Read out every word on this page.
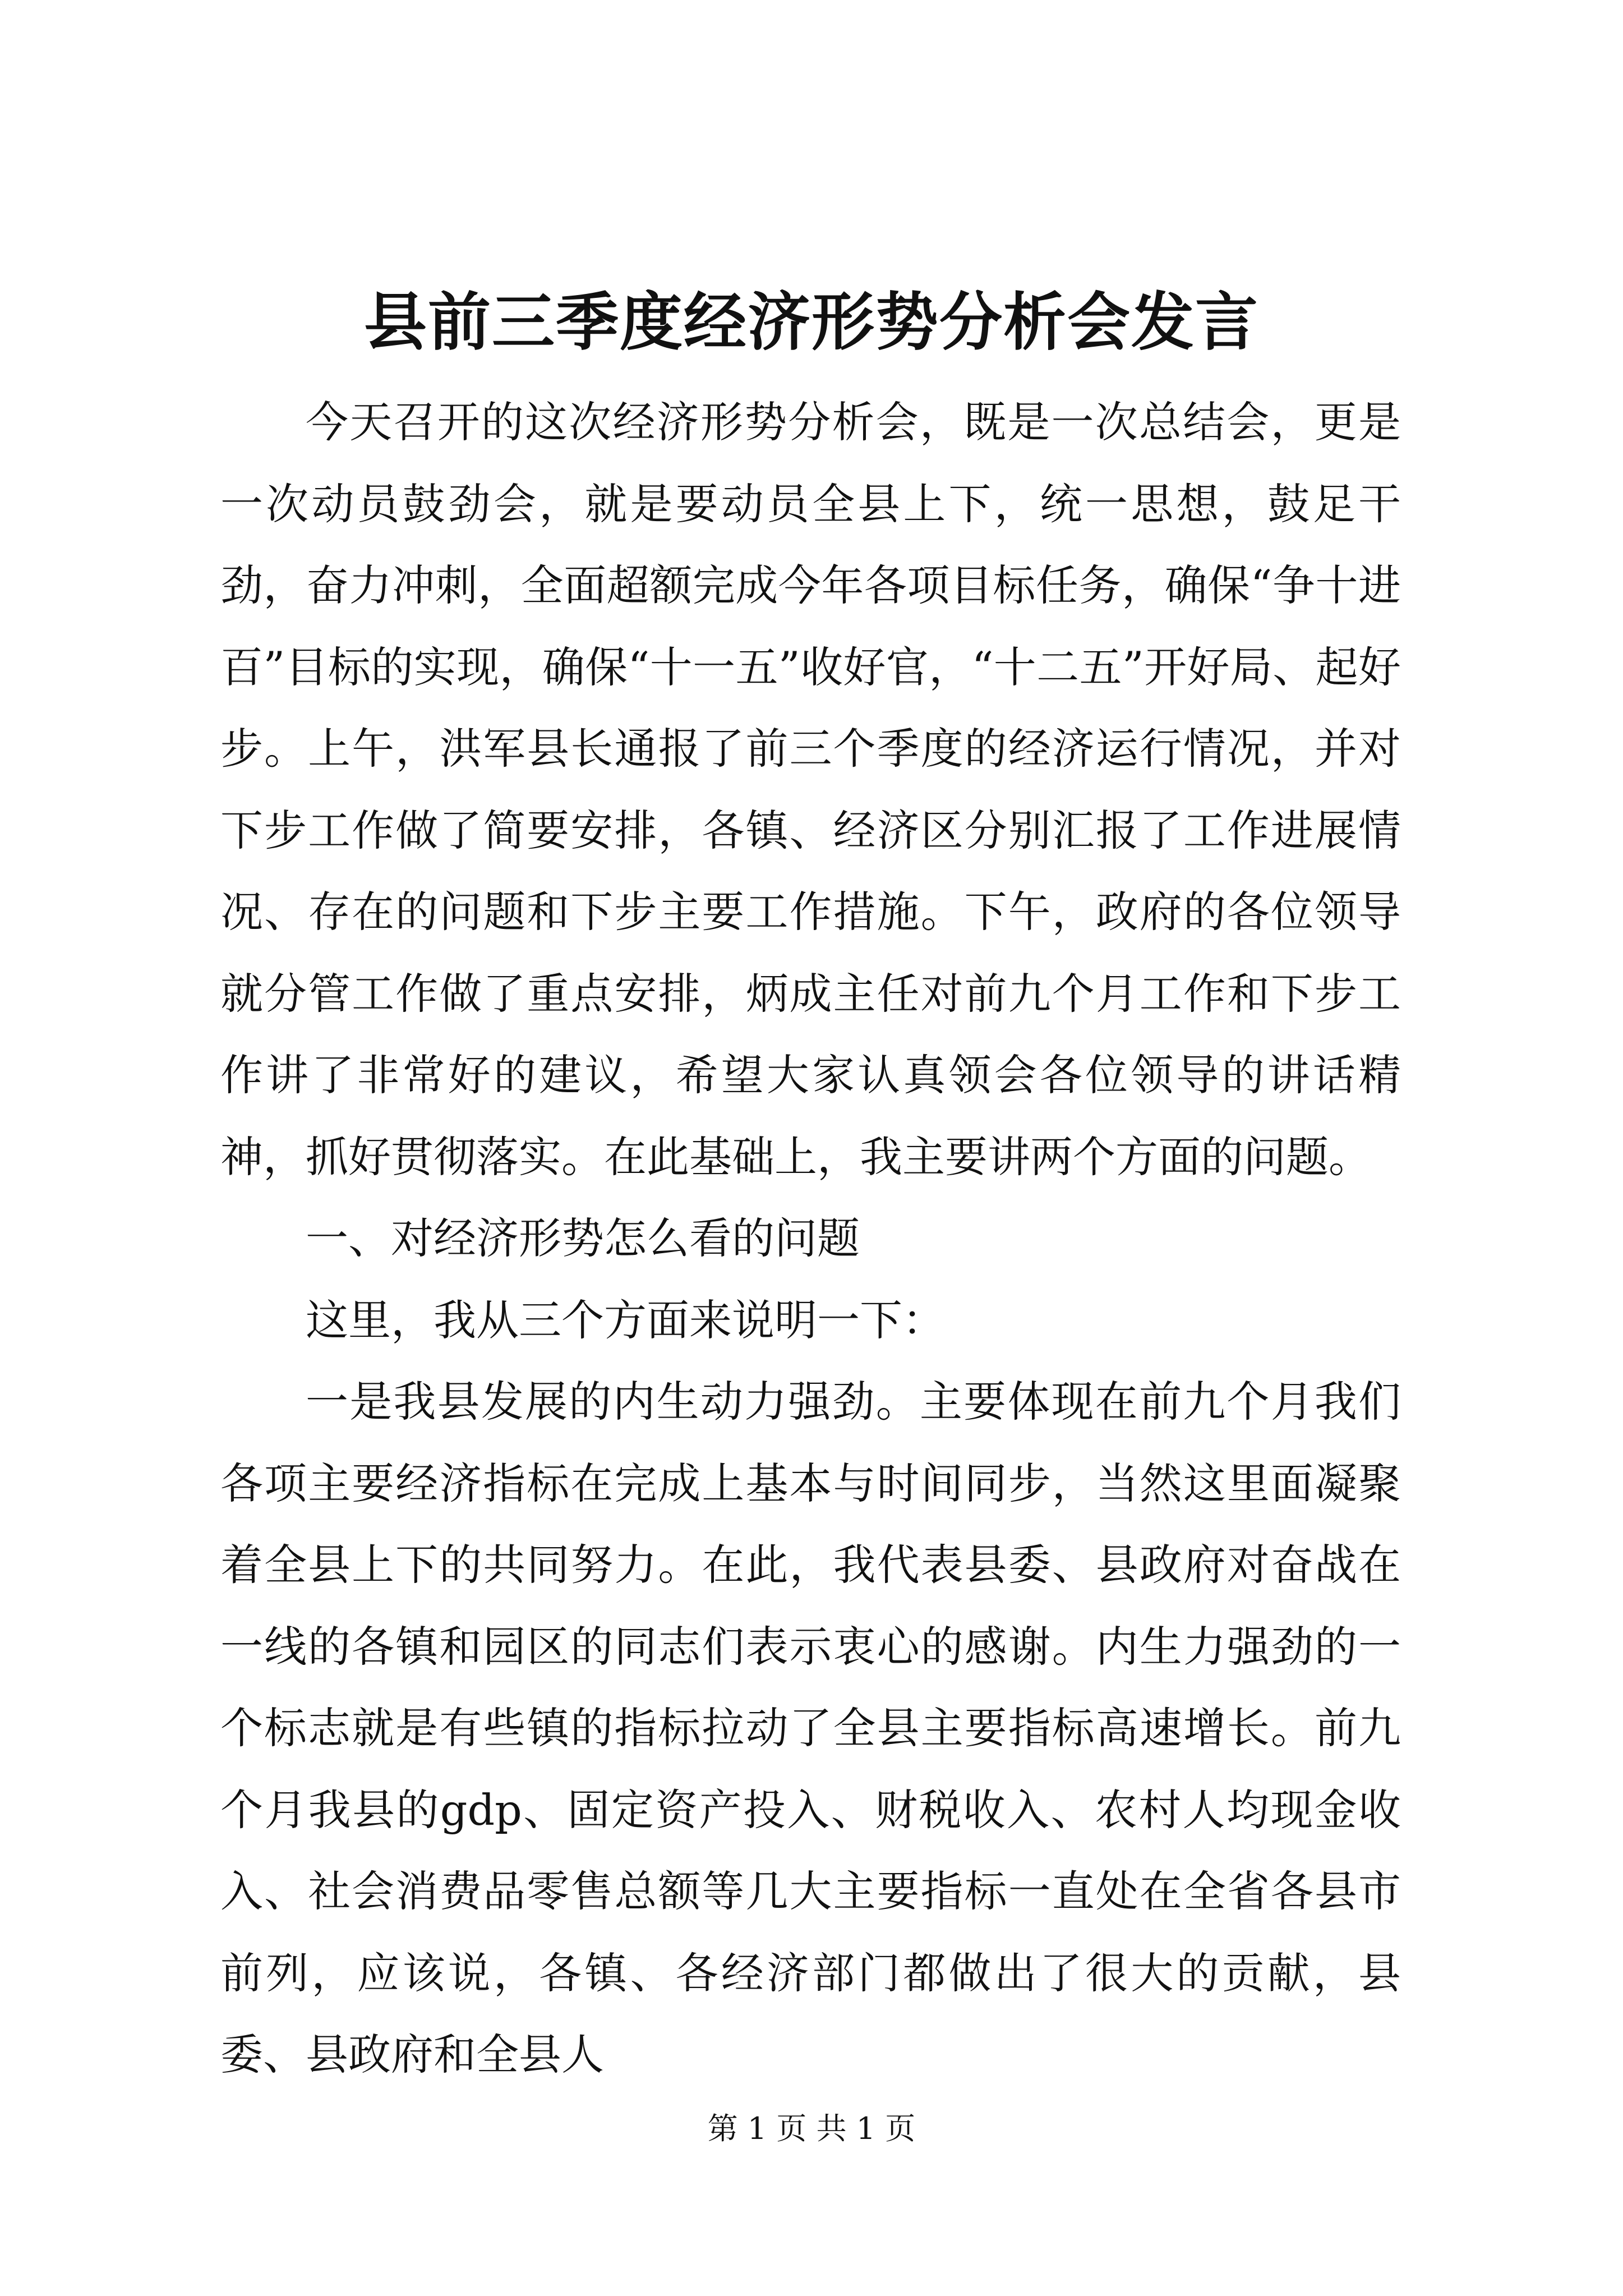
县前三季度经济形势分析会发言

今天召开的这次经济形势分析会，既是一次总结会，更是一次动员鼓劲会，就是要动员全县上下，统一思想，鼓足干劲，奋力冲刺，全面超额完成今年各项目标任务，确保“争十进百”目标的实现，确保“十一五”收好官，“十二五”开好局、起好步。上午，洪军县长通报了前三个季度的经济运行情况，并对下步工作做了简要安排，各镇、经济区分别汇报了工作进展情况、存在的问题和下步主要工作措施。下午，政府的各位领导就分管工作做了重点安排，炳成主任对前九个月工作和下步工作讲了非常好的建议，希望大家认真领会各位领导的讲话精神，抓好贯彻落实。在此基础上，我主要讲两个方面的问题。

一、对经济形势怎么看的问题

这里，我从三个方面来说明一下：

一是我县发展的内生动力强劲。主要体现在前九个月我们各项主要经济指标在完成上基本与时间同步，当然这里面凝聚着全县上下的共同努力。在此，我代表县委、县政府对奋战在一线的各镇和园区的同志们表示衷心的感谢。内生力强劲的一个标志就是有些镇的指标拉动了全县主要指标高速增长。前九个月我县的gdp、固定资产投入、财税收入、农村人均现金收入、社会消费品零售总额等几大主要指标一直处在全省各县市前列，应该说，各镇、各经济部门都做出了很大的贡献，县委、县政府和全县人

第 1 页 共 1 页
